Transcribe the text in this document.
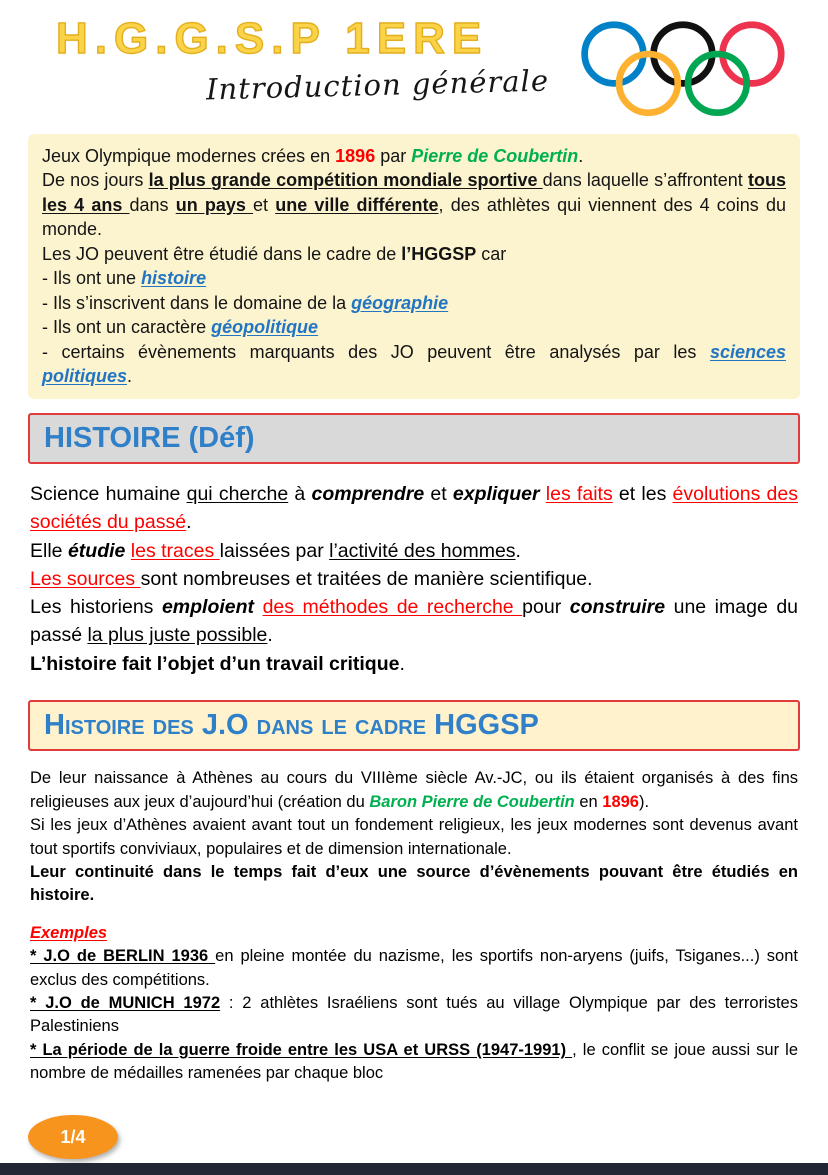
H.G.G.S.P 1ERE
Introduction générale

Jeux Olympique modernes crées en 1896 par Pierre de Coubertin.

De nos jours la plus grande compétition mondiale sportive dans laquelle s’affrontent tous les 4 ans dans un pays et une ville différente, des athlètes qui viennent des 4 coins du monde.

Les JO peuvent être étudié dans le cadre de l’HGGSP car

- Ils ont une histoire

- Ils s’inscrivent dans le domaine de la géographie

- Ils ont un caractère géopolitique

- certains évènements marquants des JO peuvent être analysés par les sciences politiques.

HISTOIRE (Déf)

Science humaine qui cherche à comprendre et expliquer les faits et les évolutions des sociétés du passé.

Elle étudie les traces laissées par l’activité des hommes.

Les sources sont nombreuses et traitées de manière scientifique.

Les historiens emploient des méthodes de recherche pour construire une image du passé la plus juste possible.

L’histoire fait l’objet d’un travail critique.

Histoire des J.O dans le cadre HGGSP

De leur naissance à Athènes au cours du VIIIème siècle Av.-JC, ou ils étaient organisés à des fins religieuses aux jeux d’aujourd’hui (création du Baron Pierre de Coubertin en 1896).

Si les jeux d’Athènes avaient avant tout un fondement religieux, les jeux modernes sont devenus avant tout sportifs conviviaux, populaires et de dimension internationale.

Leur continuité dans le temps fait d’eux une source d’évènements pouvant être étudiés en histoire.

Exemples

* J.O de BERLIN 1936 en pleine montée du nazisme, les sportifs non-aryens (juifs, Tsiganes...) sont exclus des compétitions.

* J.O de MUNICH 1972 : 2 athlètes Israéliens sont tués au village Olympique par des terroristes Palestiniens

* La période de la guerre froide entre les USA et URSS (1947-1991) , le conflit se joue aussi sur le nombre de médailles ramenées par chaque bloc

1/4
